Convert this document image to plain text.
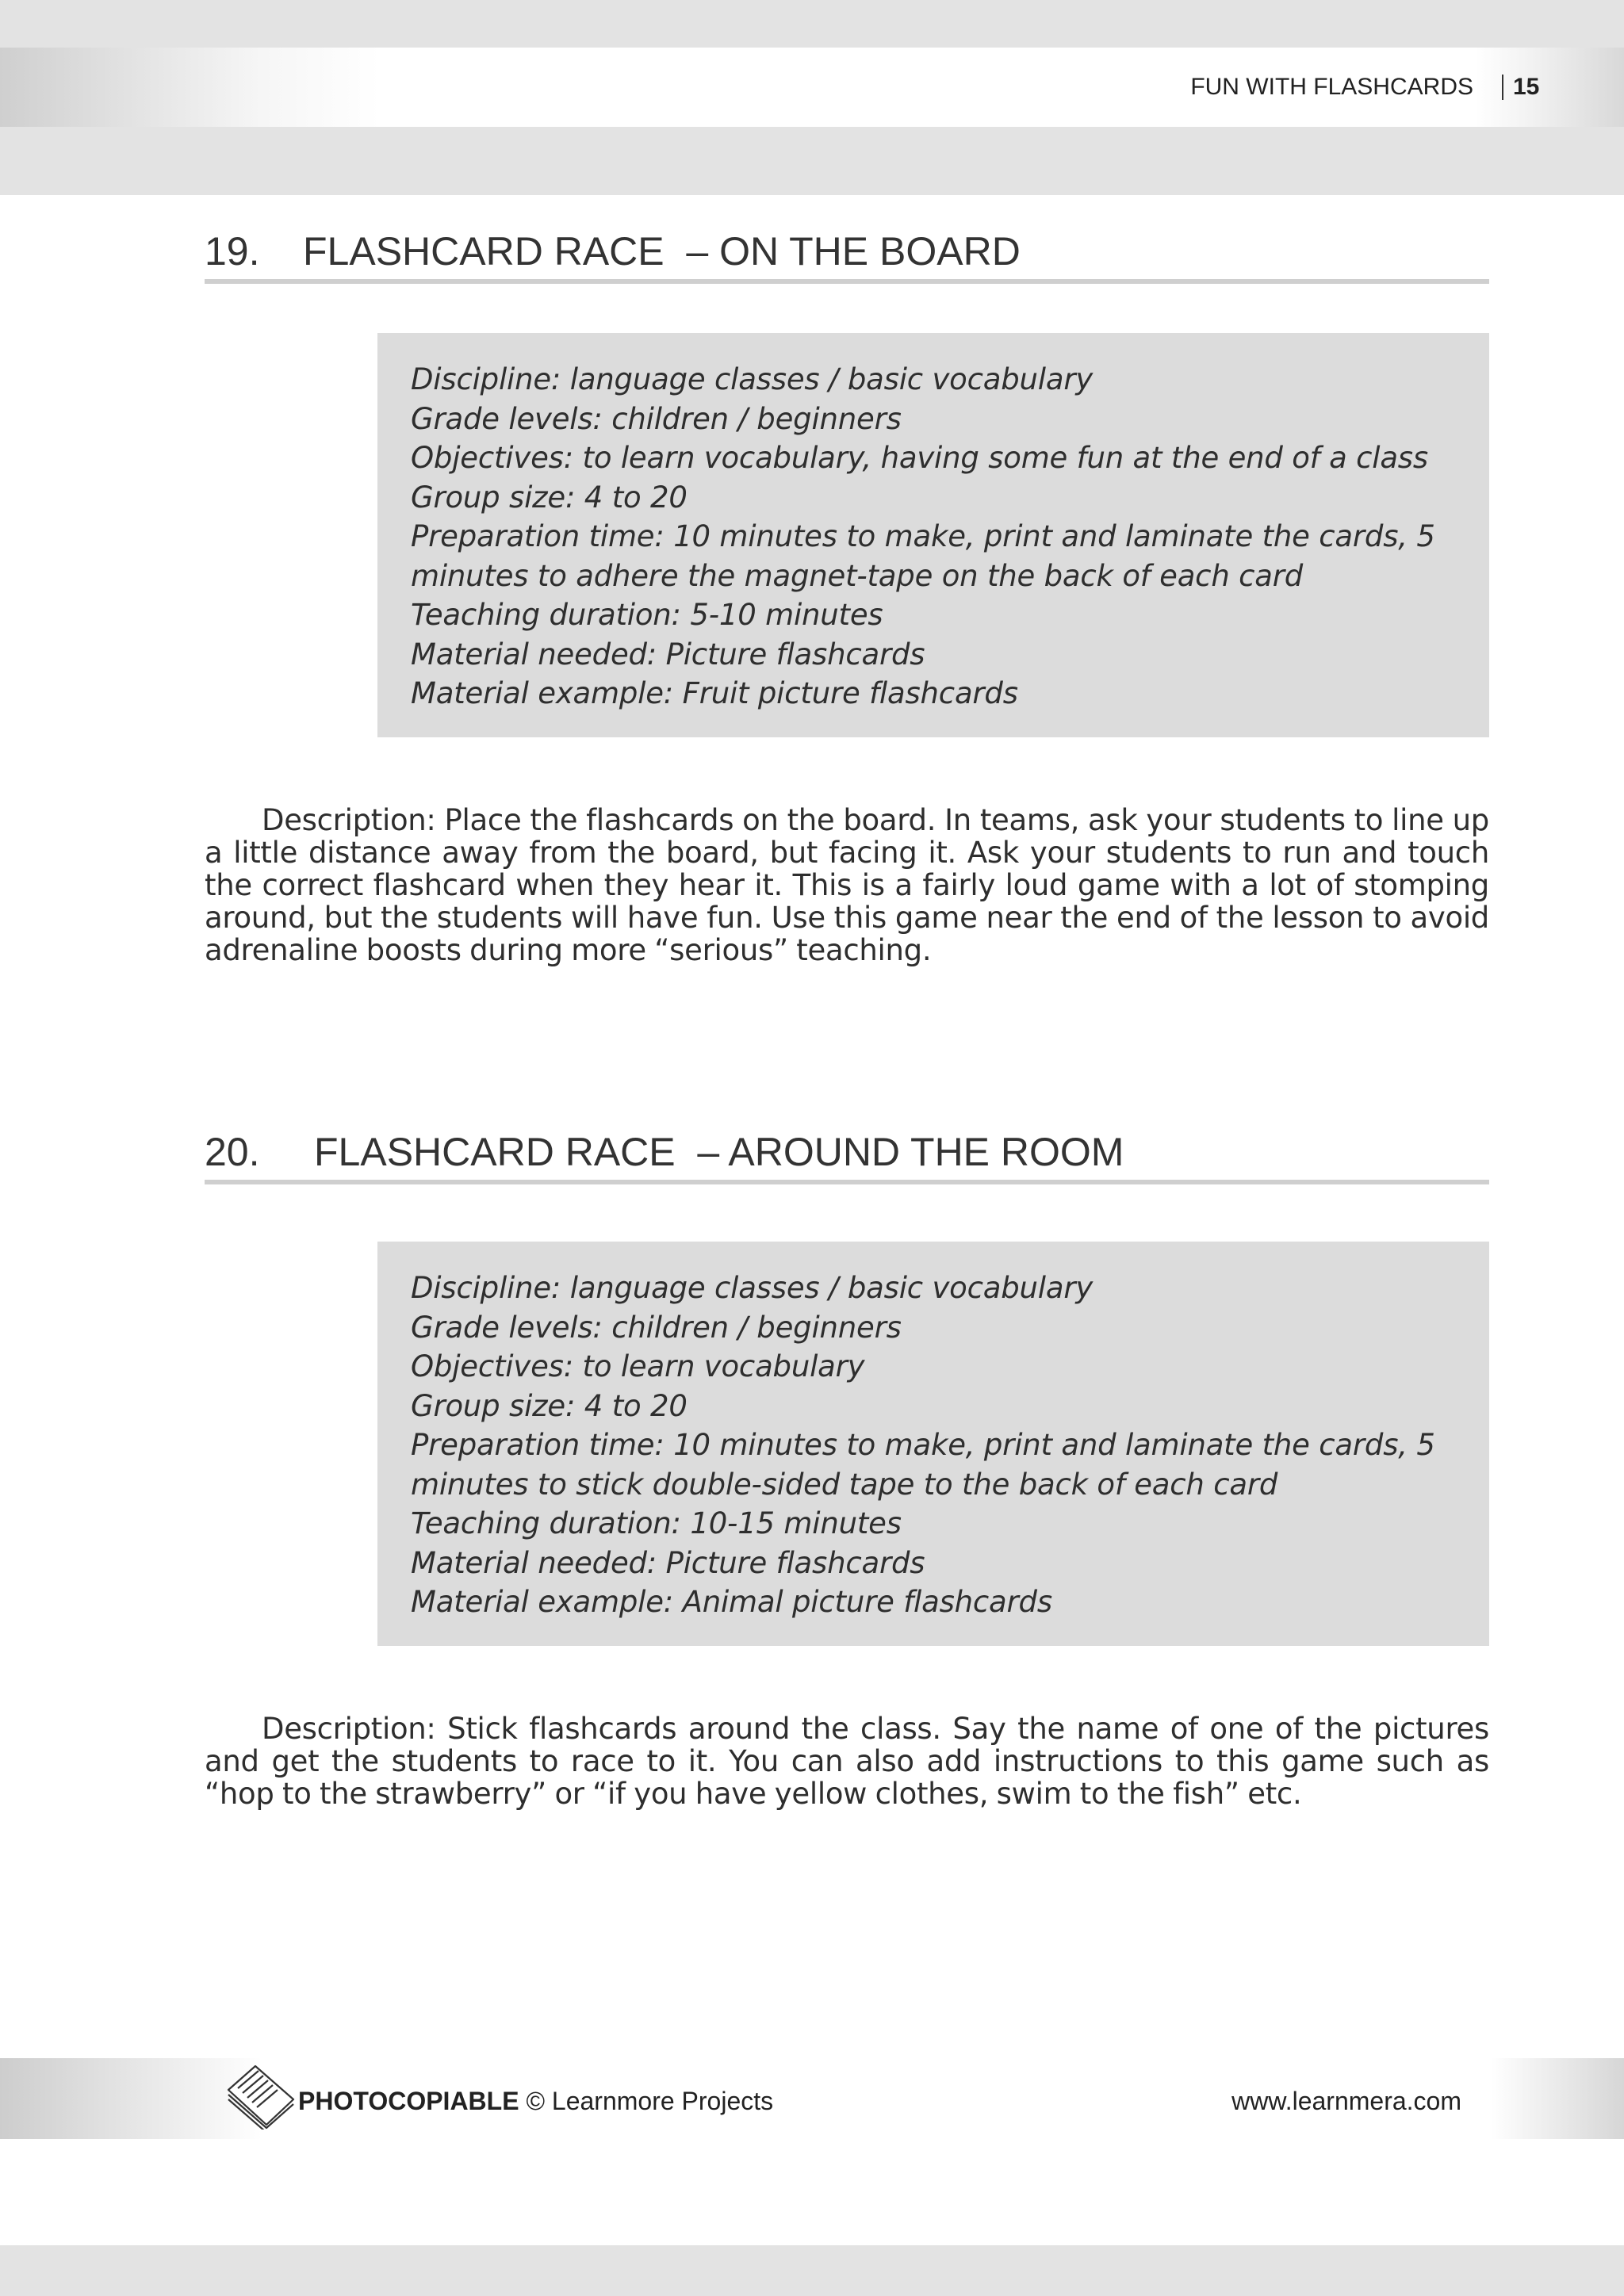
FUN WITH FLASHCARDS 15
19. FLASHCARD RACE  – ON THE BOARD

Discipline: language classes / basic vocabulary

Grade levels: children / beginners

Objectives: to learn vocabulary, having some fun at the end of a class

Group size: 4 to 20

Preparation time: 10 minutes to make, print and laminate the cards, 5

minutes to adhere the magnet-tape on the back of each card

Teaching duration: 5-10 minutes

Material needed: Picture flashcards

Material example: Fruit picture flashcards

Description: Place the flashcards on the board. In teams, ask your students to line up a little distance away from the board, but facing it. Ask your students to run and touch the correct flashcard when they hear it. This is a fairly loud game with a lot of stomping around, but the students will have fun. Use this game near the end of the lesson to avoid adrenaline boosts during more “serious” teaching.

20. FLASHCARD RACE  – AROUND THE ROOM

Discipline: language classes / basic vocabulary

Grade levels: children / beginners

Objectives: to learn vocabulary

Group size: 4 to 20

Preparation time: 10 minutes to make, print and laminate the cards, 5

minutes to stick double-sided tape to the back of each card

Teaching duration: 10-15 minutes

Material needed: Picture flashcards

Material example: Animal picture flashcards

Description: Stick flashcards around the class. Say the name of one of the pictures and get the students to race to it. You can also add instructions to this game such as “hop to the strawberry” or “if you have yellow clothes, swim to the fish” etc.

PHOTOCOPIABLE © Learnmore Projects	www.learnmera.com
